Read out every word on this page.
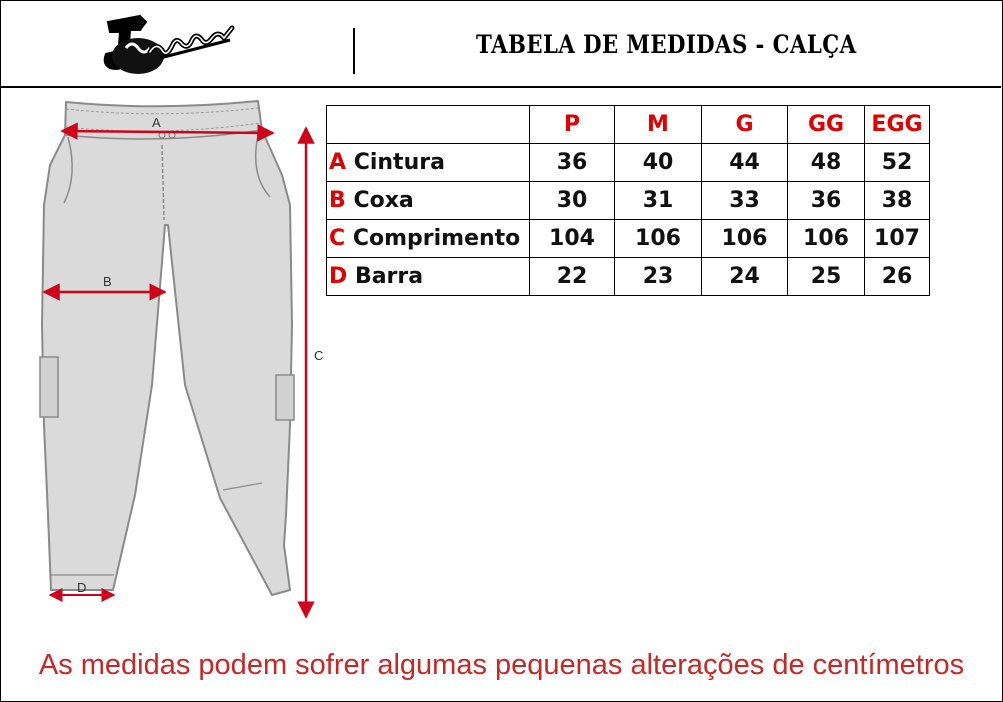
TABELA DE MEDIDAS - CALÇA
A
B
C
D
	P	M	G	GG	EGG
A Cintura	36	40	44	48	52
B Coxa	30	31	33	36	38
C Comprimento	104	106	106	106	107
D Barra	22	23	24	25	26
As medidas podem sofrer algumas pequenas alterações de centímetros
